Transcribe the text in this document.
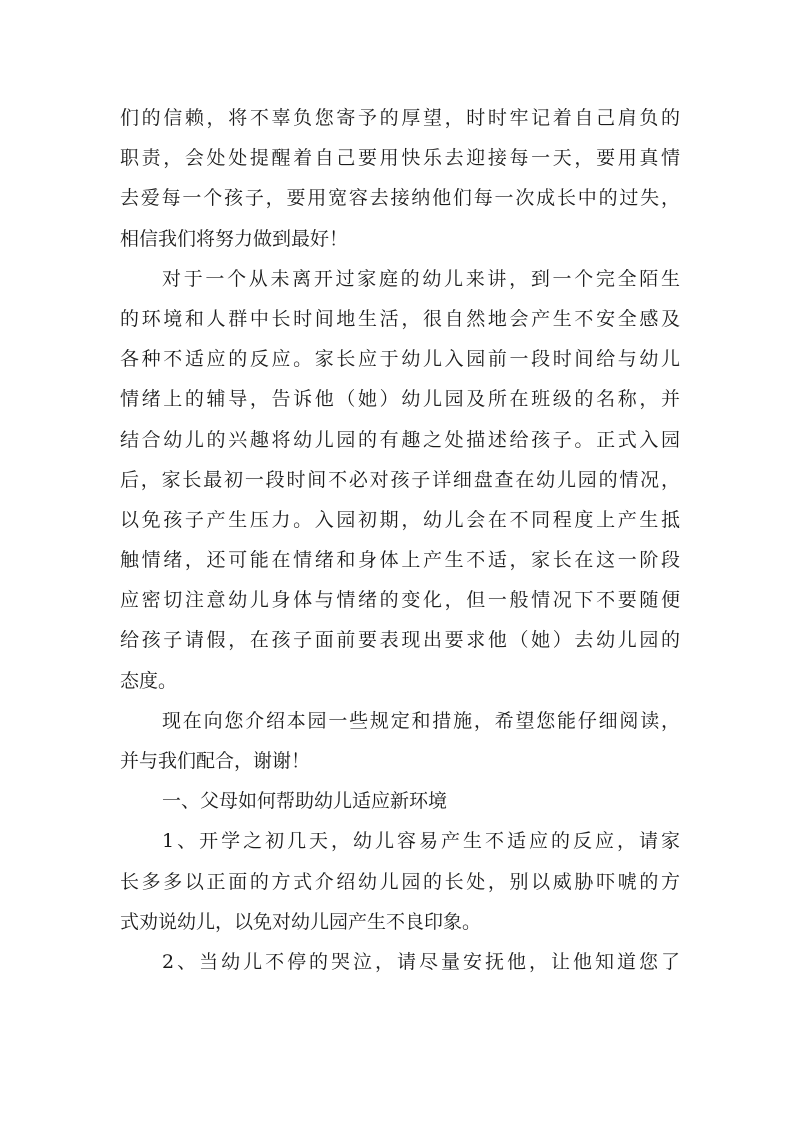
们的信赖，将不辜负您寄予的厚望，时时牢记着自己肩负的
职责，会处处提醒着自己要用快乐去迎接每一天，要用真情
去爱每一个孩子，要用宽容去接纳他们每一次成长中的过失，
相信我们将努力做到最好！
对于一个从未离开过家庭的幼儿来讲，到一个完全陌生
的环境和人群中长时间地生活，很自然地会产生不安全感及
各种不适应的反应。家长应于幼儿入园前一段时间给与幼儿
情绪上的辅导，告诉他（她）幼儿园及所在班级的名称，并
结合幼儿的兴趣将幼儿园的有趣之处描述给孩子。正式入园
后，家长最初一段时间不必对孩子详细盘查在幼儿园的情况，
以免孩子产生压力。入园初期，幼儿会在不同程度上产生抵
触情绪，还可能在情绪和身体上产生不适，家长在这一阶段
应密切注意幼儿身体与情绪的变化，但一般情况下不要随便
给孩子请假，在孩子面前要表现出要求他（她）去幼儿园的
态度。
现在向您介绍本园一些规定和措施，希望您能仔细阅读，
并与我们配合，谢谢！
一、父母如何帮助幼儿适应新环境
1、开学之初几天，幼儿容易产生不适应的反应，请家
长多多以正面的方式介绍幼儿园的长处，别以威胁吓唬的方
式劝说幼儿，以免对幼儿园产生不良印象。
2、当幼儿不停的哭泣，请尽量安抚他，让他知道您了
